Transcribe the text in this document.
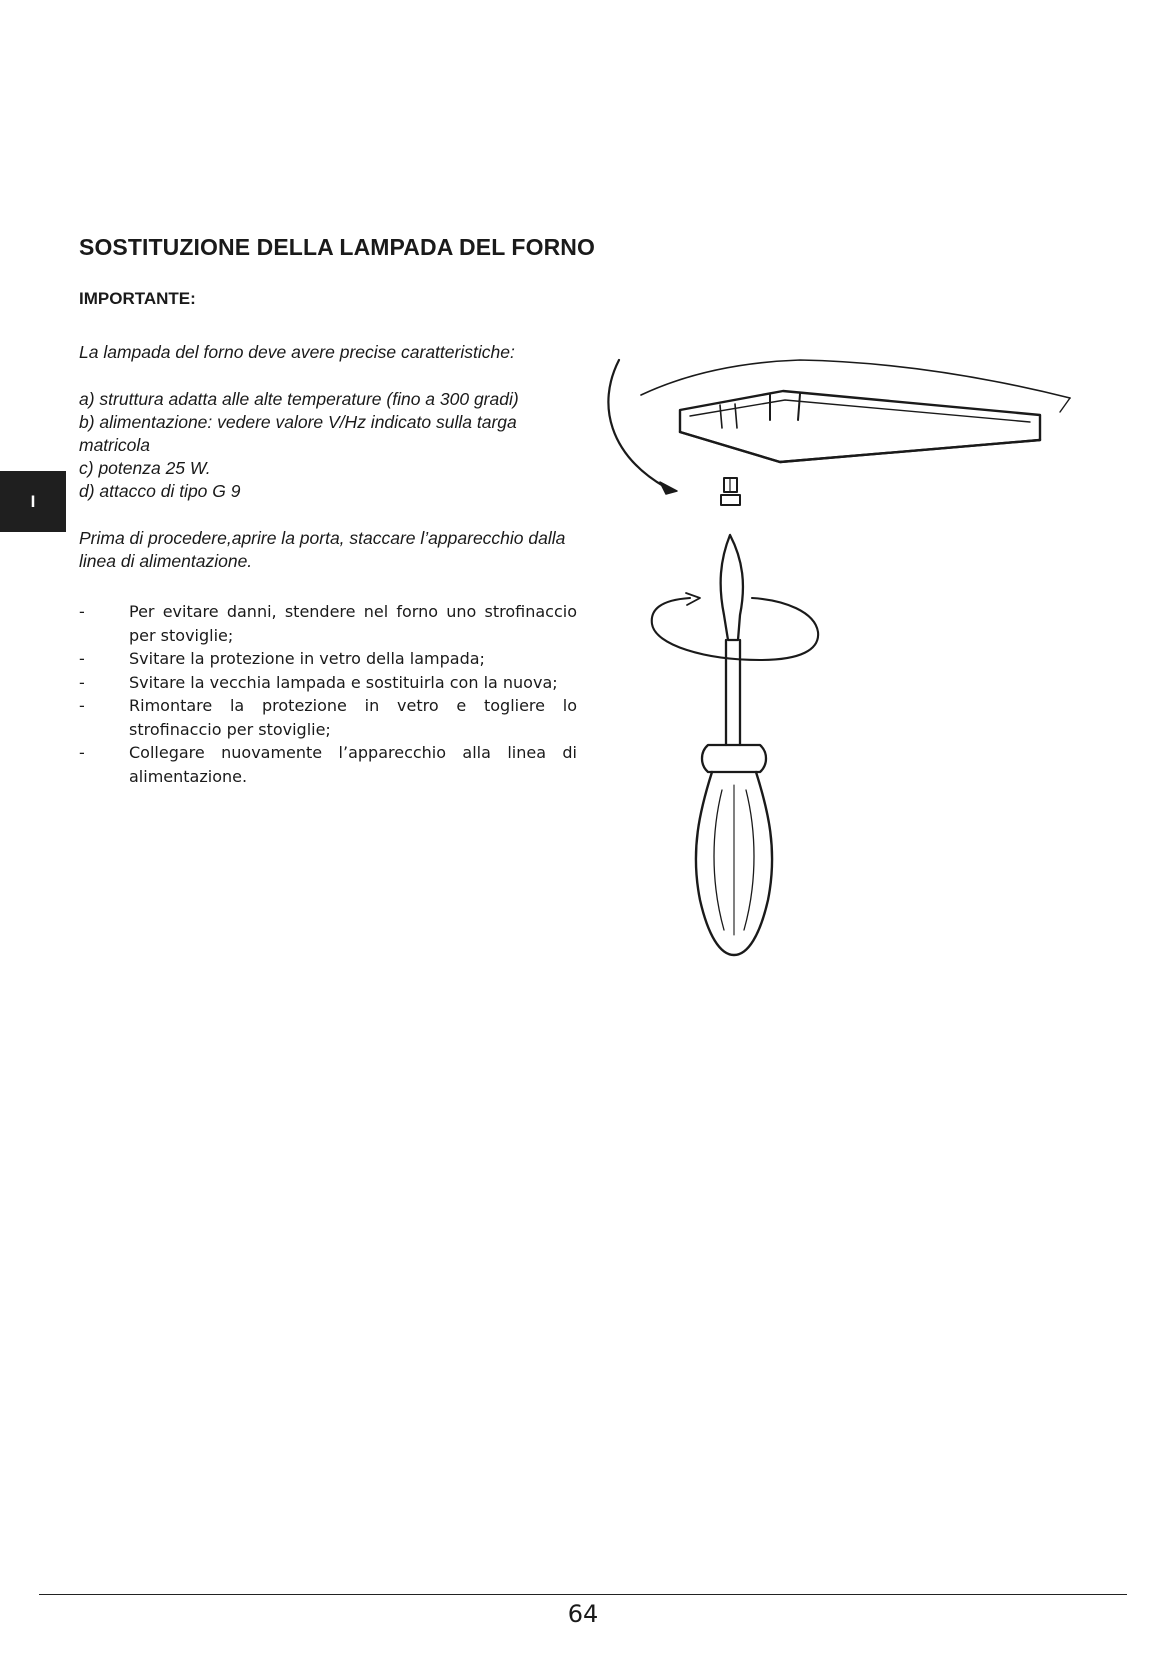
SOSTITUZIONE DELLA LAMPADA DEL FORNO
IMPORTANTE:
I

La lampada del forno deve avere precise caratteristiche:

a) struttura adatta alle alte temperature (fino a 300 gradi)
b) alimentazione: vedere valore V/Hz indicato sulla targa matricola
c) potenza 25 W.
d) attacco di tipo G 9

Prima di procedere,aprire la porta, staccare l’apparecchio dalla linea di alimentazione.

-	Per evitare danni, stendere nel forno uno strofinaccio per stoviglie;
-	Svitare la protezione in vetro della lampada;
-	Svitare la vecchia lampada e sostituirla con la nuova;
-	Rimontare la protezione in vetro e togliere lo strofinaccio per stoviglie;
-	Collegare nuovamente l’apparecchio alla linea di alimentazione.
64
